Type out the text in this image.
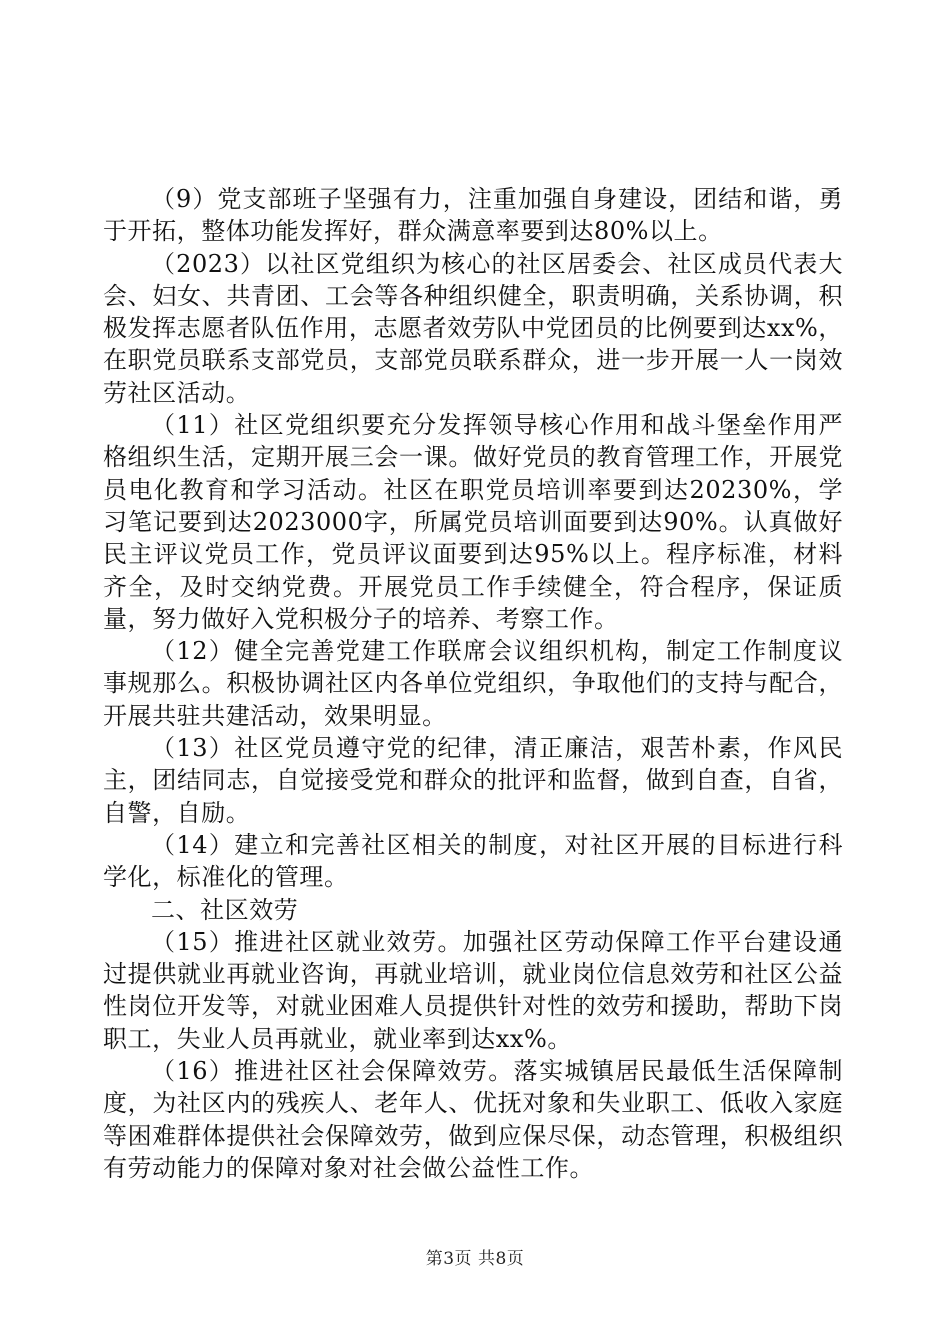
（9）党支部班子坚强有力，注重加强自身建设，团结和谐，勇于开拓，整体功能发挥好，群众满意率要到达80%以上。

（2023）以社区党组织为核心的社区居委会、社区成员代表大会、妇女、共青团、工会等各种组织健全，职责明确，关系协调，积极发挥志愿者队伍作用，志愿者效劳队中党团员的比例要到达xx%，在职党员联系支部党员，支部党员联系群众，进一步开展一人一岗效劳社区活动。

（11）社区党组织要充分发挥领导核心作用和战斗堡垒作用严格组织生活，定期开展三会一课。做好党员的教育管理工作，开展党员电化教育和学习活动。社区在职党员培训率要到达20230%，学习笔记要到达2023000字，所属党员培训面要到达90%。认真做好民主评议党员工作，党员评议面要到达95%以上。程序标准，材料齐全，及时交纳党费。开展党员工作手续健全，符合程序，保证质量，努力做好入党积极分子的培养、考察工作。

（12）健全完善党建工作联席会议组织机构，制定工作制度议事规那么。积极协调社区内各单位党组织，争取他们的支持与配合，开展共驻共建活动，效果明显。

（13）社区党员遵守党的纪律，清正廉洁，艰苦朴素，作风民主，团结同志，自觉接受党和群众的批评和监督，做到自查，自省，自警，自励。

（14）建立和完善社区相关的制度，对社区开展的目标进行科学化，标准化的管理。

二、社区效劳

（15）推进社区就业效劳。加强社区劳动保障工作平台建设通过提供就业再就业咨询，再就业培训，就业岗位信息效劳和社区公益性岗位开发等，对就业困难人员提供针对性的效劳和援助，帮助下岗职工，失业人员再就业，就业率到达xx%。

（16）推进社区社会保障效劳。落实城镇居民最低生活保障制度，为社区内的残疾人、老年人、优抚对象和失业职工、低收入家庭等困难群体提供社会保障效劳，做到应保尽保，动态管理，积极组织有劳动能力的保障对象对社会做公益性工作。

第3页 共8页
